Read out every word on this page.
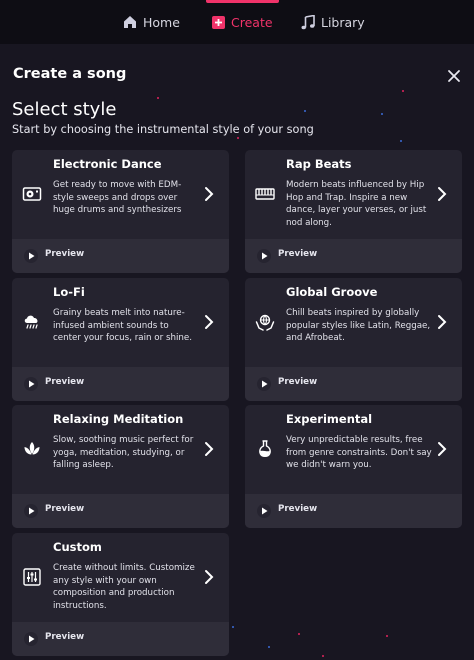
Home	Create	Library
Create a song
Select style
Start by choosing the instrumental style of your song
Electronic Dance
Get ready to move with EDM-style sweeps and drops over huge drums and synthesizers
Preview
Rap Beats
Modern beats influenced by Hip Hop and Trap. Inspire a new dance, layer your verses, or just nod along.
Preview
Lo-Fi
Grainy beats melt into nature-infused ambient sounds to center your focus, rain or shine.
Preview
Global Groove
Chill beats inspired by globally popular styles like Latin, Reggae, and Afrobeat.
Preview
Relaxing Meditation
Slow, soothing music perfect for yoga, meditation, studying, or falling asleep.
Preview
Experimental
Very unpredictable results, free from genre constraints. Don't say we didn't warn you.
Preview
Custom
Create without limits. Customize any style with your own composition and production instructions.
Preview
